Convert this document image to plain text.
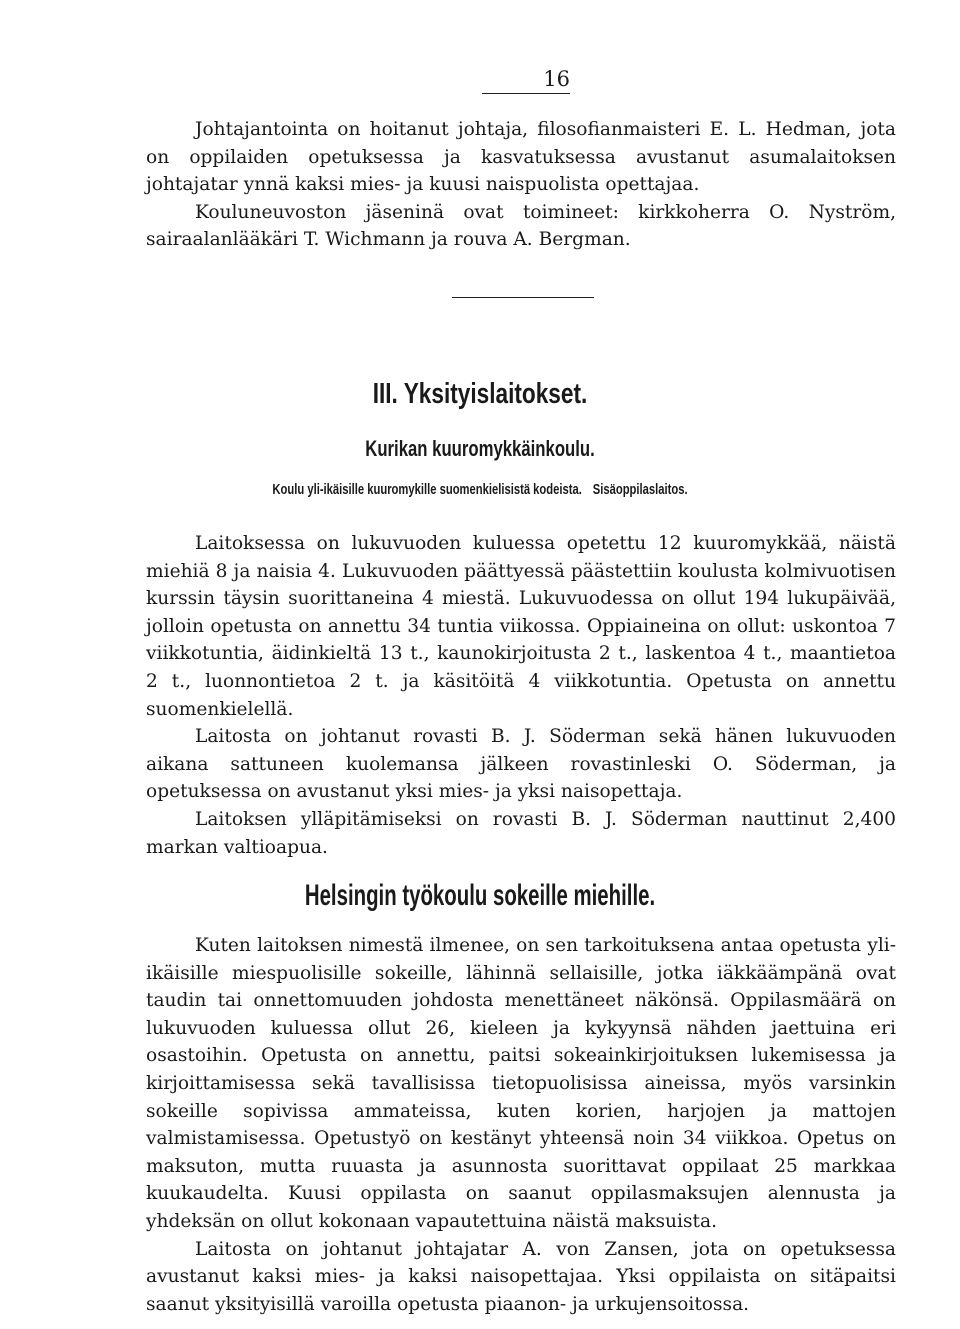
16

Johtajantointa on hoitanut johtaja, filosofianmaisteri E. L. Hedman, jota on oppilaiden opetuksessa ja kasvatuksessa avustanut asumalaitoksen johtajatar ynnä kaksi mies- ja kuusi naispuolista opettajaa.

Kouluneuvoston jäseninä ovat toimineet: kirkkoherra O. Nyström, sairaalanlääkäri T. Wichmann ja rouva A. Bergman.

III. Yksityislaitokset.
Kurikan kuuromykkäinkoulu.
Koulu yli-ikäisille kuuromykille suomenkielisistä kodeista. Sisäoppilaslaitos.

Laitoksessa on lukuvuoden kuluessa opetettu 12 kuuromykkää, näistä miehiä 8 ja naisia 4. Lukuvuoden päättyessä päästettiin koulusta kolmivuotisen kurssin täysin suorittaneina 4 miestä. Lukuvuodessa on ollut 194 lukupäivää, jolloin opetusta on annettu 34 tuntia viikossa. Oppiaineina on ollut: uskontoa 7 viikkotuntia, äidinkieltä 13 t., kaunokirjoitusta 2 t., laskentoa 4 t., maantietoa 2 t., luonnontietoa 2 t. ja käsitöitä 4 viikkotuntia. Opetusta on annettu suomenkielellä.

Laitosta on johtanut rovasti B. J. Söderman sekä hänen lukuvuoden aikana sattuneen kuolemansa jälkeen rovastinleski O. Söderman, ja opetuksessa on avustanut yksi mies- ja yksi naisopettaja.

Laitoksen ylläpitämiseksi on rovasti B. J. Söderman nauttinut 2,400 markan valtioapua.

Helsingin työkoulu sokeille miehille.

Kuten laitoksen nimestä ilmenee, on sen tarkoituksena antaa opetusta yli-ikäisille miespuolisille sokeille, lähinnä sellaisille, jotka iäkkäämpänä ovat taudin tai onnettomuuden johdosta menettäneet näkönsä. Oppilasmäärä on lukuvuoden kuluessa ollut 26, kieleen ja kykyynsä nähden jaettuina eri osastoihin. Opetusta on annettu, paitsi sokeainkirjoituksen lukemisessa ja kirjoittamisessa sekä tavallisissa tietopuolisissa aineissa, myös varsinkin sokeille sopivissa ammateissa, kuten korien, harjojen ja mattojen valmistamisessa. Opetustyö on kestänyt yhteensä noin 34 viikkoa. Opetus on maksuton, mutta ruuasta ja asunnosta suorittavat oppilaat 25 markkaa kuukaudelta. Kuusi oppilasta on saanut oppilasmaksujen alennusta ja yhdeksän on ollut kokonaan vapautettuina näistä maksuista.

Laitosta on johtanut johtajatar A. von Zansen, jota on opetuksessa avustanut kaksi mies- ja kaksi naisopettajaa. Yksi oppilaista on sitäpaitsi saanut yksityisillä varoilla opetusta piaanon- ja urkujensoitossa.
